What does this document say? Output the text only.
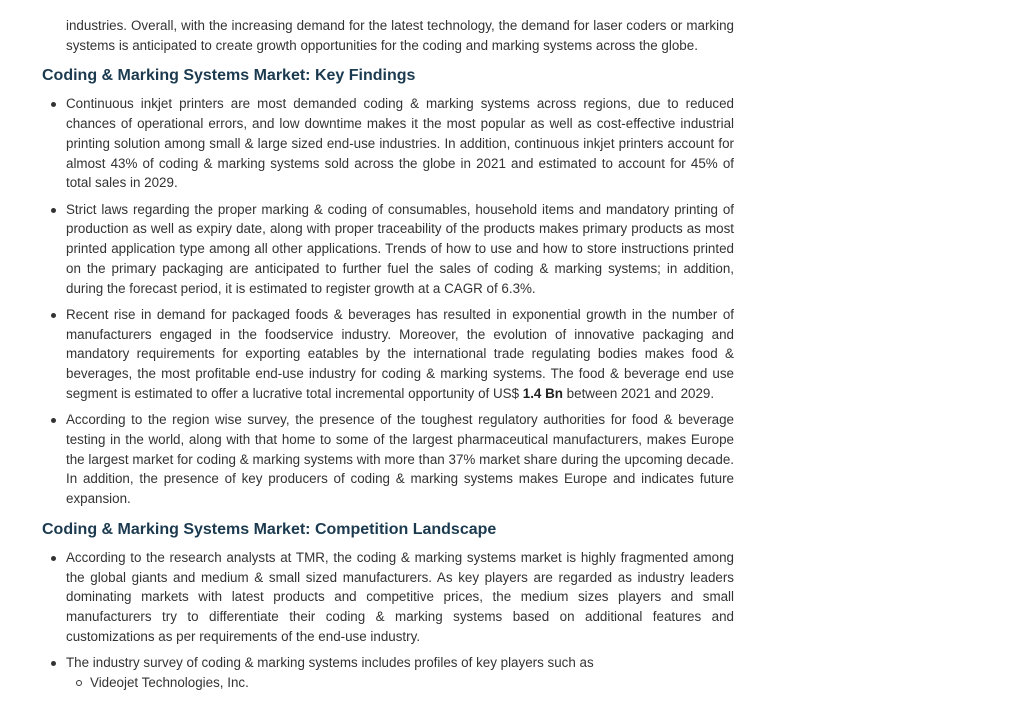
industries. Overall, with the increasing demand for the latest technology, the demand for laser coders or marking systems is anticipated to create growth opportunities for the coding and marking systems across the globe.

Coding & Marking Systems Market: Key Findings
Continuous inkjet printers are most demanded coding & marking systems across regions, due to reduced chances of operational errors, and low downtime makes it the most popular as well as cost-effective industrial printing solution among small & large sized end-use industries. In addition, continuous inkjet printers account for almost 43% of coding & marking systems sold across the globe in 2021 and estimated to account for 45% of total sales in 2029.
Strict laws regarding the proper marking & coding of consumables, household items and mandatory printing of production as well as expiry date, along with proper traceability of the products makes primary products as most printed application type among all other applications. Trends of how to use and how to store instructions printed on the primary packaging are anticipated to further fuel the sales of coding & marking systems; in addition, during the forecast period, it is estimated to register growth at a CAGR of 6.3%.
Recent rise in demand for packaged foods & beverages has resulted in exponential growth in the number of manufacturers engaged in the foodservice industry. Moreover, the evolution of innovative packaging and mandatory requirements for exporting eatables by the international trade regulating bodies makes food & beverages, the most profitable end-use industry for coding & marking systems. The food & beverage end use segment is estimated to offer a lucrative total incremental opportunity of US$ 1.4 Bn between 2021 and 2029.
According to the region wise survey, the presence of the toughest regulatory authorities for food & beverage testing in the world, along with that home to some of the largest pharmaceutical manufacturers, makes Europe the largest market for coding & marking systems with more than 37% market share during the upcoming decade. In addition, the presence of key producers of coding & marking systems makes Europe and indicates future expansion.
Coding & Marking Systems Market: Competition Landscape
According to the research analysts at TMR, the coding & marking systems market is highly fragmented among the global giants and medium & small sized manufacturers. As key players are regarded as industry leaders dominating markets with latest products and competitive prices, the medium sizes players and small manufacturers try to differentiate their coding & marking systems based on additional features and customizations as per requirements of the end-use industry.
The industry survey of coding & marking systems includes profiles of key players such as
Videojet Technologies, Inc.
